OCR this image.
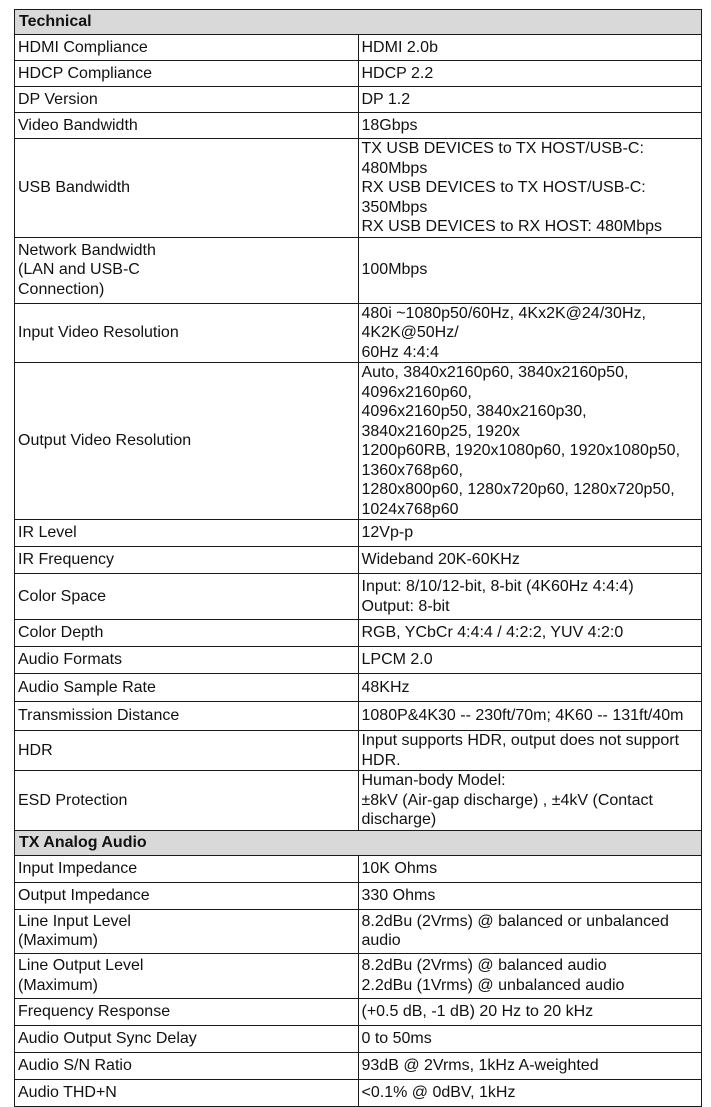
Technical	
HDMI Compliance	HDMI 2.0b
HDCP Compliance	HDCP 2.2
DP Version	DP 1.2
Video Bandwidth	18Gbps
USB Bandwidth	TX USB DEVICES to TX HOST/USB-C: 480Mbps
RX USB DEVICES to TX HOST/USB-C: 350Mbps
RX USB DEVICES to RX HOST: 480Mbps
Network Bandwidth
(LAN and USB-C
Connection)	100Mbps
Input Video Resolution	480i ~1080p50/60Hz, 4Kx2K@24/30Hz, 4K2K@50Hz/
60Hz 4:4:4
Output Video Resolution	Auto, 3840x2160p60, 3840x2160p50, 4096x2160p60,
4096x2160p50, 3840x2160p30, 3840x2160p25, 1920x
1200p60RB, 1920x1080p60, 1920x1080p50, 1360x768p60,
1280x800p60, 1280x720p60, 1280x720p50, 1024x768p60
IR Level	12Vp-p
IR Frequency	Wideband 20K-60KHz
Color Space	Input: 8/10/12-bit, 8-bit (4K60Hz 4:4:4)
Output: 8-bit
Color Depth	RGB, YCbCr 4:4:4 / 4:2:2, YUV 4:2:0
Audio Formats	LPCM 2.0
Audio Sample Rate	48KHz
Transmission Distance	1080P&4K30 -- 230ft/70m; 4K60 -- 131ft/40m
HDR	Input supports HDR, output does not support HDR.
ESD Protection	Human-body Model:
±8kV (Air-gap discharge) , ±4kV (Contact discharge)
TX Analog Audio	
Input Impedance	10K Ohms
Output Impedance	330 Ohms
Line Input Level
(Maximum)	8.2dBu (2Vrms) @ balanced or unbalanced audio
Line Output Level
(Maximum)	8.2dBu (2Vrms) @ balanced audio
2.2dBu (1Vrms) @ unbalanced audio
Frequency Response	(+0.5 dB, -1 dB) 20 Hz to 20 kHz
Audio Output Sync Delay	0 to 50ms
Audio S/N Ratio	93dB @ 2Vrms, 1kHz A-weighted
Audio THD+N	<0.1% @ 0dBV, 1kHz
